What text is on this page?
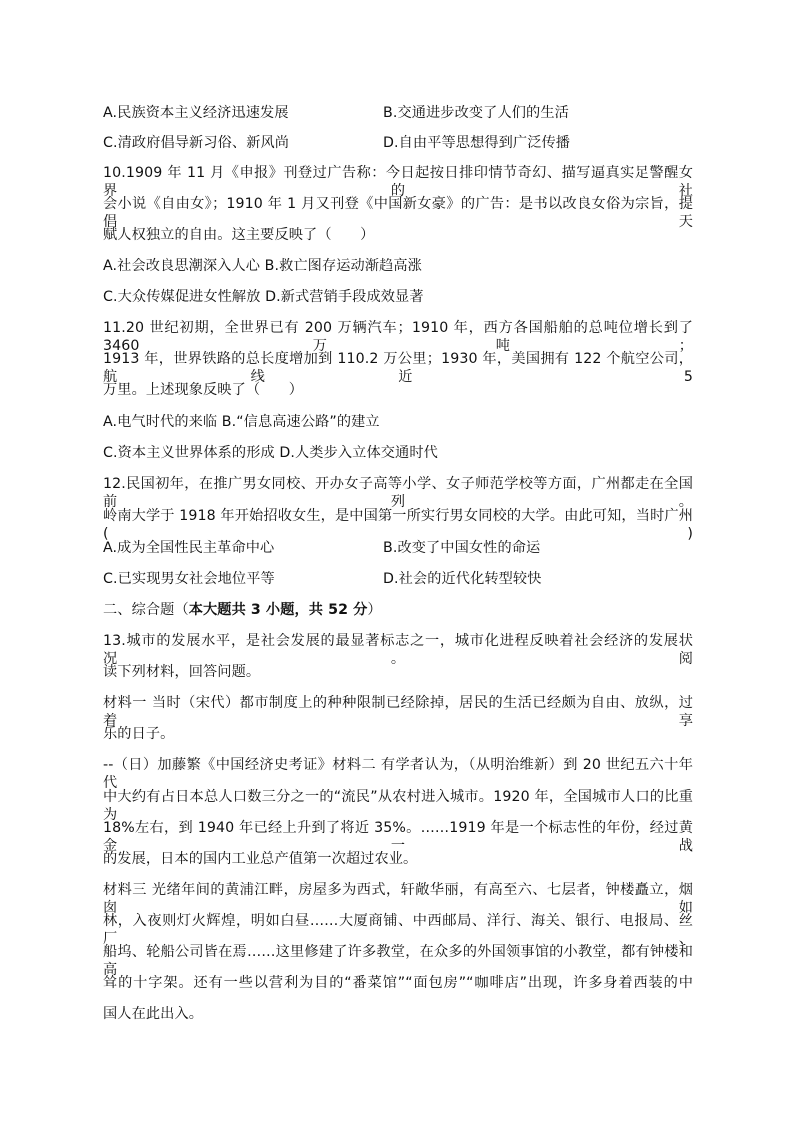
A.民族资本主义经济迅速发展	B.交通进步改变了人们的生活
C.清政府倡导新习俗、新风尚	D.自由平等思想得到广泛传播
10.1909 年 11 月《申报》刊登过广告称：今日起按日排印情节奇幻、描写逼真实足警醒女界的社
会小说《自由女》；1910 年 1 月又刊登《中国新女豪》的广告：是书以改良女俗为宗旨，提倡天
赋人权独立的自由。这主要反映了（　　）
A.社会改良思潮深入人心 B.救亡图存运动渐趋高涨
C.大众传媒促进女性解放 D.新式营销手段成效显著
11.20 世纪初期，全世界已有 200 万辆汽车；1910 年，西方各国船舶的总吨位增长到了 3460 万吨；
1913 年，世界铁路的总长度增加到 110.2 万公里；1930 年，美国拥有 122 个航空公司，航线近 5
万里。上述现象反映了（　　）
A.电气时代的来临 B.“信息高速公路”的建立
C.资本主义世界体系的形成 D.人类步入立体交通时代
12.民国初年，在推广男女同校、开办女子高等小学、女子师范学校等方面，广州都走在全国前列。
岭南大学于 1918 年开始招收女生，是中国第一所实行男女同校的大学。由此可知，当时广州(　　)
A.成为全国性民主革命中心	B.改变了中国女性的命运
C.已实现男女社会地位平等	D.社会的近代化转型较快
二、综合题（本大题共 3 小题，共 52 分）
13.城市的发展水平，是社会发展的最显著标志之一，城市化进程反映着社会经济的发展状况。阅
读下列材料，回答问题。
材料一 当时（宋代）都市制度上的种种限制已经除掉，居民的生活已经颇为自由、放纵，过着享
乐的日子。
--（日）加藤繁《中国经济史考证》材料二 有学者认为，（从明治维新）到 20 世纪五六十年代
中大约有占日本总人口数三分之一的“流民”从农村进入城市。1920 年，全国城市人口的比重为
18%左右，到 1940 年已经上升到了将近 35%。……1919 年是一个标志性的年份，经过黄金一战
的发展，日本的国内工业总产值第一次超过农业。
材料三 光绪年间的黄浦江畔，房屋多为西式，轩敞华丽，有高至六、七层者，钟楼矗立，烟囱如
林，入夜则灯火辉煌，明如白昼……大厦商铺、中西邮局、洋行、海关、银行、电报局、丝厂、
船坞、轮船公司皆在焉……这里修建了许多教堂，在众多的外国领事馆的小教堂，都有钟楼和高
耸的十字架。还有一些以营利为目的“番菜馆”“面包房”“咖啡店”出现，许多身着西装的中
国人在此出入。
